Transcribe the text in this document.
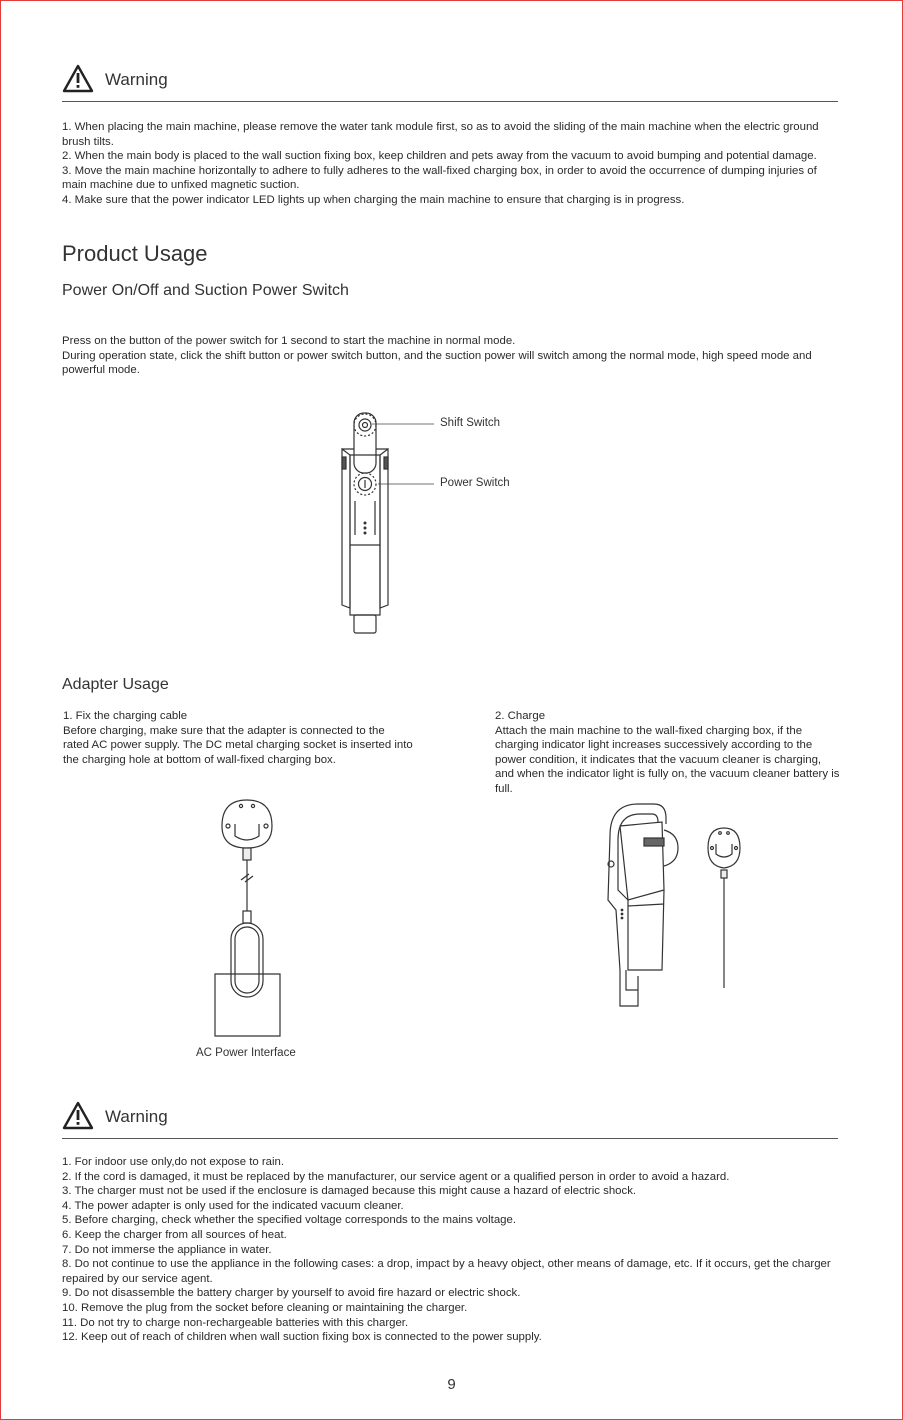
Warning
1. When placing the main machine, please remove the water tank module first, so as to avoid the sliding of the main machine when the electric ground brush tilts.
2. When the main body is placed to the wall suction fixing box, keep children and pets away from the vacuum to avoid bumping and potential damage.
3. Move the main machine horizontally to adhere to fully adheres to the wall-fixed charging box, in order to avoid the occurrence of dumping injuries of main machine due to unfixed magnetic suction.
4. Make sure that the power indicator LED lights up when charging the main machine to ensure that charging is in progress.
Product Usage
Power On/Off and Suction Power Switch
Press on the button of the power switch for 1 second to start the machine in normal mode.
During operation state, click the shift button or power switch button, and the suction power will switch among the normal mode, high speed mode and powerful mode.
Shift Switch
Power Switch
Adapter Usage
1. Fix the charging cable
Before charging, make sure that the adapter is connected to the rated AC power supply. The DC metal charging socket is inserted into the charging hole at bottom of wall-fixed charging box.
2. Charge
Attach the main machine to the wall-fixed charging box, if the charging indicator light increases successively according to the power condition, it indicates that the vacuum cleaner is charging, and when the indicator light is fully on, the vacuum cleaner battery is full.
AC Power Interface
Warning
1. For indoor use only,do not expose to rain.
2. If the cord is damaged, it must be replaced by the manufacturer, our service agent or a qualified person in order to avoid a hazard.
3. The charger must not be used if the enclosure is damaged because this might cause a hazard of electric shock.
4. The power adapter is only used for the indicated vacuum cleaner.
5. Before charging, check whether the specified voltage corresponds to the mains voltage.
6. Keep the charger from all sources of heat.
7. Do not immerse the appliance in water.
8. Do not continue to use the appliance in the following cases: a drop, impact by a heavy object, other means of damage, etc. If it occurs, get the charger repaired by our service agent.
9. Do not disassemble the battery charger by yourself to avoid fire hazard or electric shock.
10. Remove the plug from the socket before cleaning or maintaining the charger.
11. Do not try to charge non-rechargeable batteries with this charger.
12. Keep out of reach of children when wall suction fixing box is connected to the power supply.
9
